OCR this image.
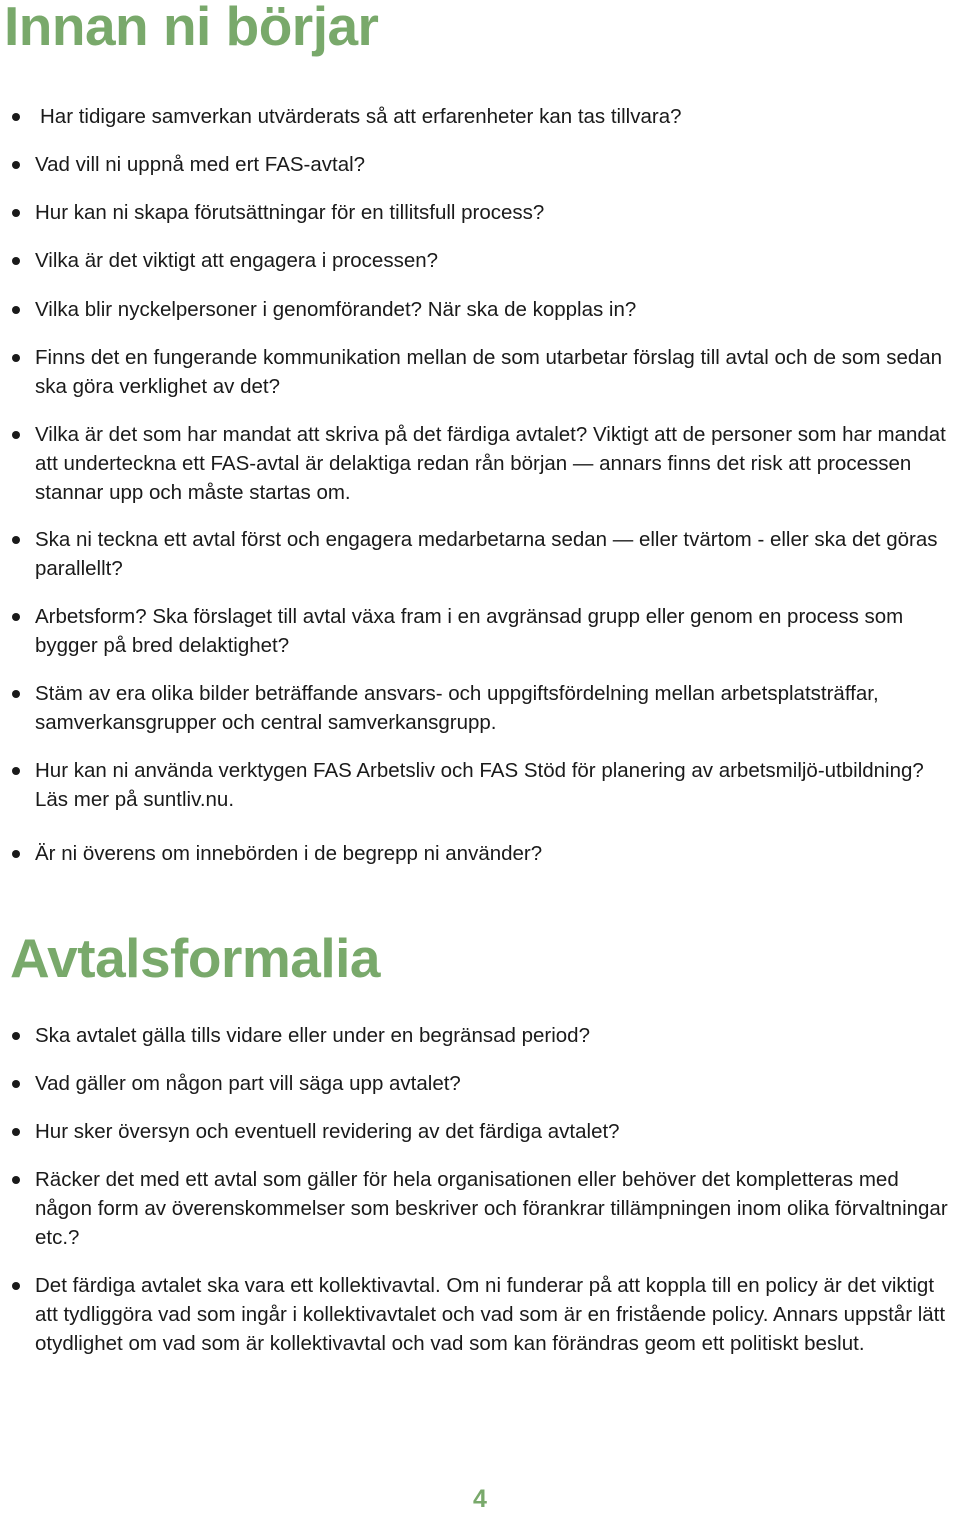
Innan ni börjar
Har tidigare samverkan utvärderats så att erfarenheter kan tas tillvara?
Vad vill ni uppnå med ert FAS-avtal?
Hur kan ni skapa förutsättningar för en tillitsfull process?
Vilka är det viktigt att engagera i processen?
Vilka blir nyckelpersoner i genomförandet? När ska de kopplas in?
Finns det en fungerande kommunikation mellan de som utarbetar förslag till avtal och de som sedan ska göra verklighet av det?
Vilka är det som har mandat att skriva på det färdiga avtalet? Viktigt att de personer som har mandat att underteckna ett FAS-avtal är delaktiga redan rån början — annars finns det risk att processen stannar upp och måste startas om.
Ska ni teckna ett avtal först och engagera medarbetarna sedan — eller tvärtom - eller ska det göras parallellt?
Arbetsform? Ska förslaget till avtal växa fram i en avgränsad grupp eller genom en process som bygger på bred delaktighet?
Stäm av era olika bilder beträffande ansvars- och uppgiftsfördelning mellan arbetsplatsträffar, samverkansgrupper och central samverkansgrupp.
Hur kan ni använda verktygen FAS Arbetsliv och FAS Stöd för planering av arbetsmiljö-utbildning? Läs mer på suntliv.nu.
Är ni överens om innebörden i de begrepp ni använder?
Avtalsformalia
Ska avtalet gälla tills vidare eller under en begränsad period?
Vad gäller om någon part vill säga upp avtalet?
Hur sker översyn och eventuell revidering av det färdiga avtalet?
Räcker det med ett avtal som gäller för hela organisationen eller behöver det kompletteras med någon form av överenskommelser som beskriver och förankrar tillämpningen inom olika förvaltningar etc.?
Det färdiga avtalet ska vara ett kollektivavtal. Om ni funderar på att koppla till en policy är det viktigt att tydliggöra vad som ingår i kollektivavtalet och vad som är en fristående policy. Annars uppstår lätt otydlighet om vad som är kollektivavtal och vad som kan förändras geom ett politiskt beslut.
4
